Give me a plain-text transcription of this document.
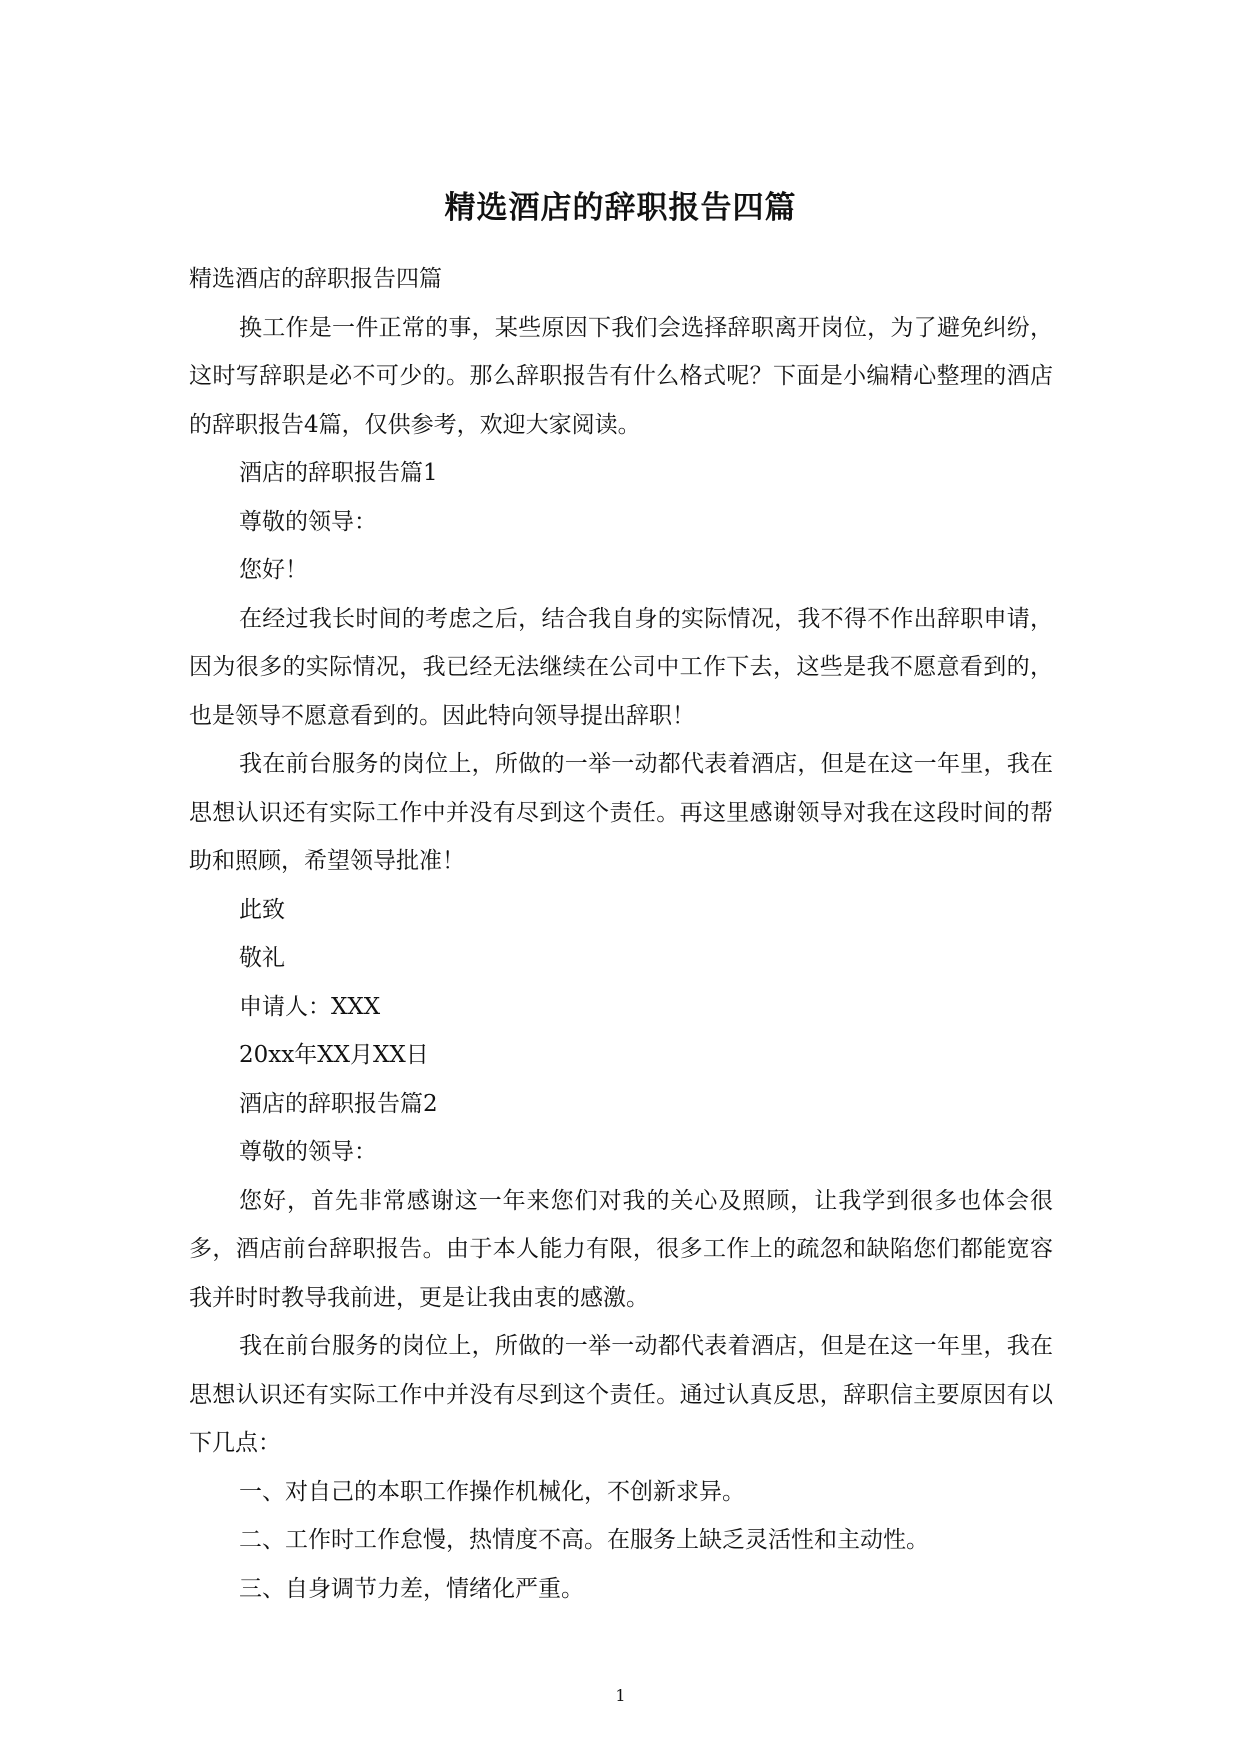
精选酒店的辞职报告四篇

精选酒店的辞职报告四篇

换工作是一件正常的事，某些原因下我们会选择辞职离开岗位，为了避免纠纷，这时写辞职是必不可少的。那么辞职报告有什么格式呢？下面是小编精心整理的酒店的辞职报告4篇，仅供参考，欢迎大家阅读。

酒店的辞职报告篇1

尊敬的领导：

您好！

在经过我长时间的考虑之后，结合我自身的实际情况，我不得不作出辞职申请，因为很多的实际情况，我已经无法继续在公司中工作下去，这些是我不愿意看到的，也是领导不愿意看到的。因此特向领导提出辞职！

我在前台服务的岗位上，所做的一举一动都代表着酒店，但是在这一年里，我在思想认识还有实际工作中并没有尽到这个责任。再这里感谢领导对我在这段时间的帮助和照顾，希望领导批准！

此致

敬礼

申请人：XXX

20xx年XX月XX日

酒店的辞职报告篇2

尊敬的领导：

您好，首先非常感谢这一年来您们对我的关心及照顾，让我学到很多也体会很多，酒店前台辞职报告。由于本人能力有限，很多工作上的疏忽和缺陷您们都能宽容我并时时教导我前进，更是让我由衷的感激。

我在前台服务的岗位上，所做的一举一动都代表着酒店，但是在这一年里，我在思想认识还有实际工作中并没有尽到这个责任。通过认真反思，辞职信主要原因有以下几点：

一、对自己的本职工作操作机械化，不创新求异。

二、工作时工作怠慢，热情度不高。在服务上缺乏灵活性和主动性。

三、自身调节力差，情绪化严重。

1
